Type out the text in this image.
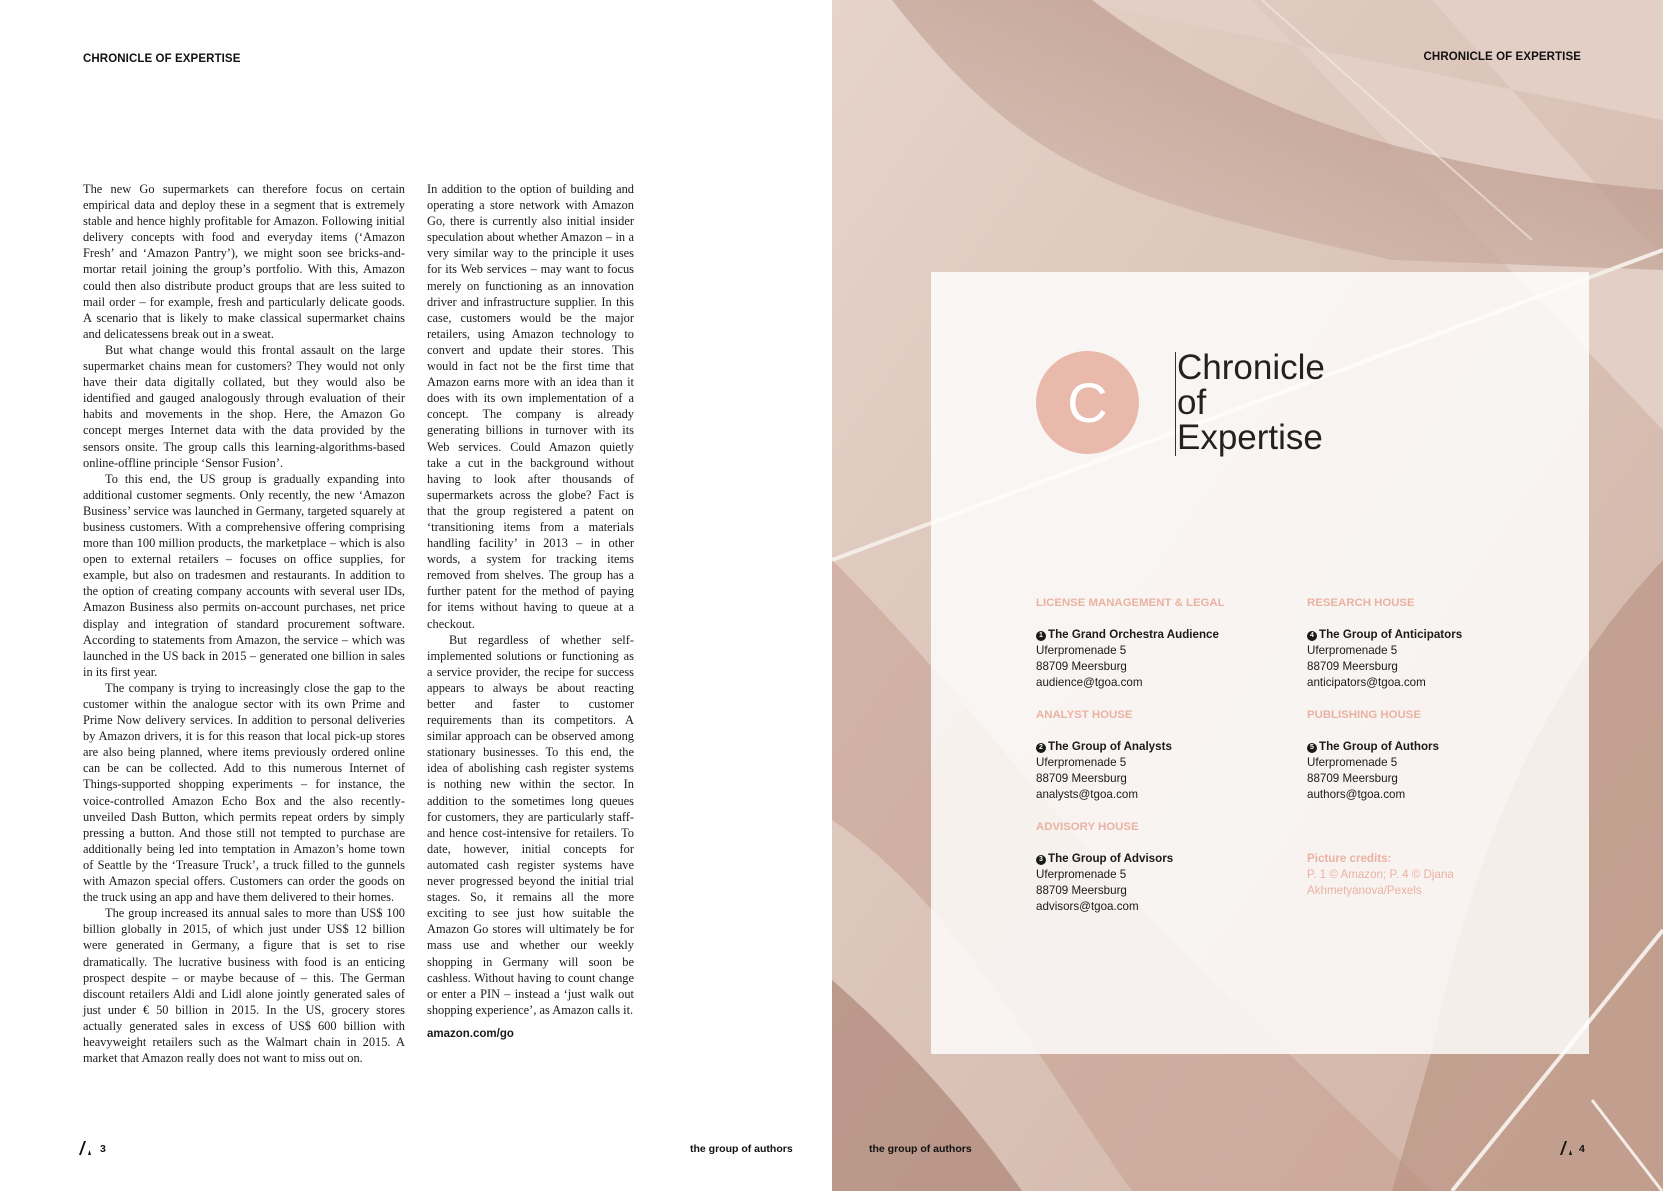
CHRONICLE OF EXPERTISE

The new Go supermarkets can therefore focus on certain empirical data and deploy these in a segment that is extremely stable and hence highly profitable for Amazon. Following initial delivery concepts with food and everyday items (‘Amazon Fresh’ and ‘Amazon Pantry’), we might soon see bricks-and-mortar retail joining the group’s portfolio. With this, Amazon could then also distribute product groups that are less suited to mail order – for example, fresh and particularly delicate goods. A scenario that is likely to make classical supermarket chains and delicatessens break out in a sweat.

But what change would this frontal assault on the large supermarket chains mean for customers? They would not only have their data digitally collated, but they would also be identified and gauged analogously through evaluation of their habits and movements in the shop. Here, the Amazon Go concept merges Internet data with the data provided by the sensors onsite. The group calls this learning-algorithms-based online-offline principle ‘Sensor Fusion’.

To this end, the US group is gradually expanding into additional customer segments. Only recently, the new ‘Amazon Business’ service was launched in Germany, targeted squarely at business customers. With a comprehensive offering comprising more than 100 million products, the marketplace – which is also open to external retailers – focuses on office supplies, for example, but also on tradesmen and restaurants. In addition to the option of creating company accounts with several user IDs, Amazon Business also permits on-account purchases, net price display and integration of standard procurement software. According to statements from Amazon, the service – which was launched in the US back in 2015 – generated one billion in sales in its first year.

The company is trying to increasingly close the gap to the customer within the analogue sector with its own Prime and Prime Now delivery services. In addition to personal deliveries by Amazon drivers, it is for this reason that local pick-up stores are also being planned, where items previously ordered online can be can be collected. Add to this numerous Internet of Things-supported shopping experiments – for instance, the voice-controlled Amazon Echo Box and the also recently-unveiled Dash Button, which permits repeat orders by simply pressing a button. And those still not tempted to purchase are additionally being led into temptation in Amazon’s home town of Seattle by the ‘Treasure Truck’, a truck filled to the gunnels with Amazon special offers. Customers can order the goods on the truck using an app and have them delivered to their homes.

The group increased its annual sales to more than US$ 100 billion globally in 2015, of which just under US$ 12 billion were generated in Germany, a figure that is set to rise dramatically. The lucrative business with food is an enticing prospect despite – or maybe because of – this. The German discount retailers Aldi and Lidl alone jointly generated sales of just under € 50 billion in 2015. In the US, grocery stores actually generated sales in excess of US$ 600 billion with heavyweight retailers such as the Walmart chain in 2015. A market that Amazon really does not want to miss out on.

In addition to the option of building and operating a store network with Amazon Go, there is currently also initial insider speculation about whether Amazon – in a very similar way to the principle it uses for its Web services – may want to focus merely on functioning as an innovation driver and infrastructure supplier. In this case, customers would be the major retailers, using Amazon technology to convert and update their stores. This would in fact not be the first time that Amazon earns more with an idea than it does with its own implementation of a concept. The company is already generating billions in turnover with its Web services. Could Amazon quietly take a cut in the background without having to look after thousands of supermarkets across the globe? Fact is that the group registered a patent on ‘transitioning items from a materials handling facility’ in 2013 – in other words, a system for tracking items removed from shelves. The group has a further patent for the method of paying for items without having to queue at a checkout.

But regardless of whether self-implemented solutions or functioning as a service provider, the recipe for success appears to always be about reacting better and faster to customer requirements than its competitors. A similar approach can be observed among stationary businesses. To this end, the idea of abolishing cash register systems is nothing new within the sector. In addition to the sometimes long queues for customers, they are particularly staff- and hence cost-intensive for retailers. To date, however, initial concepts for automated cash register systems have never progressed beyond the initial trial stages. So, it remains all the more exciting to see just how suitable the Amazon Go stores will ultimately be for mass use and whether our weekly shopping in Germany will soon be cashless. Without having to count change or enter a PIN – instead a ‘just walk out shopping experience’, as Amazon calls it.

amazon.com/go

3	the group of authors
CHRONICLE OF EXPERTISE
the group of authors	4
C
Chronicle
of
Expertise
LICENSE MANAGEMENT & LEGAL
1 The Grand Orchestra Audience
Uferpromenade 5
88709 Meersburg
audience@tgoa.com
ANALYST HOUSE
2 The Group of Analysts
Uferpromenade 5
88709 Meersburg
analysts@tgoa.com
ADVISORY HOUSE
3 The Group of Advisors
Uferpromenade 5
88709 Meersburg
advisors@tgoa.com
RESEARCH HOUSE
4 The Group of Anticipators
Uferpromenade 5
88709 Meersburg
anticipators@tgoa.com
PUBLISHING HOUSE
5 The Group of Authors
Uferpromenade 5
88709 Meersburg
authors@tgoa.com
Picture credits:
P. 1 © Amazon; P. 4 © Djana
Akhmetyanova/Pexels
